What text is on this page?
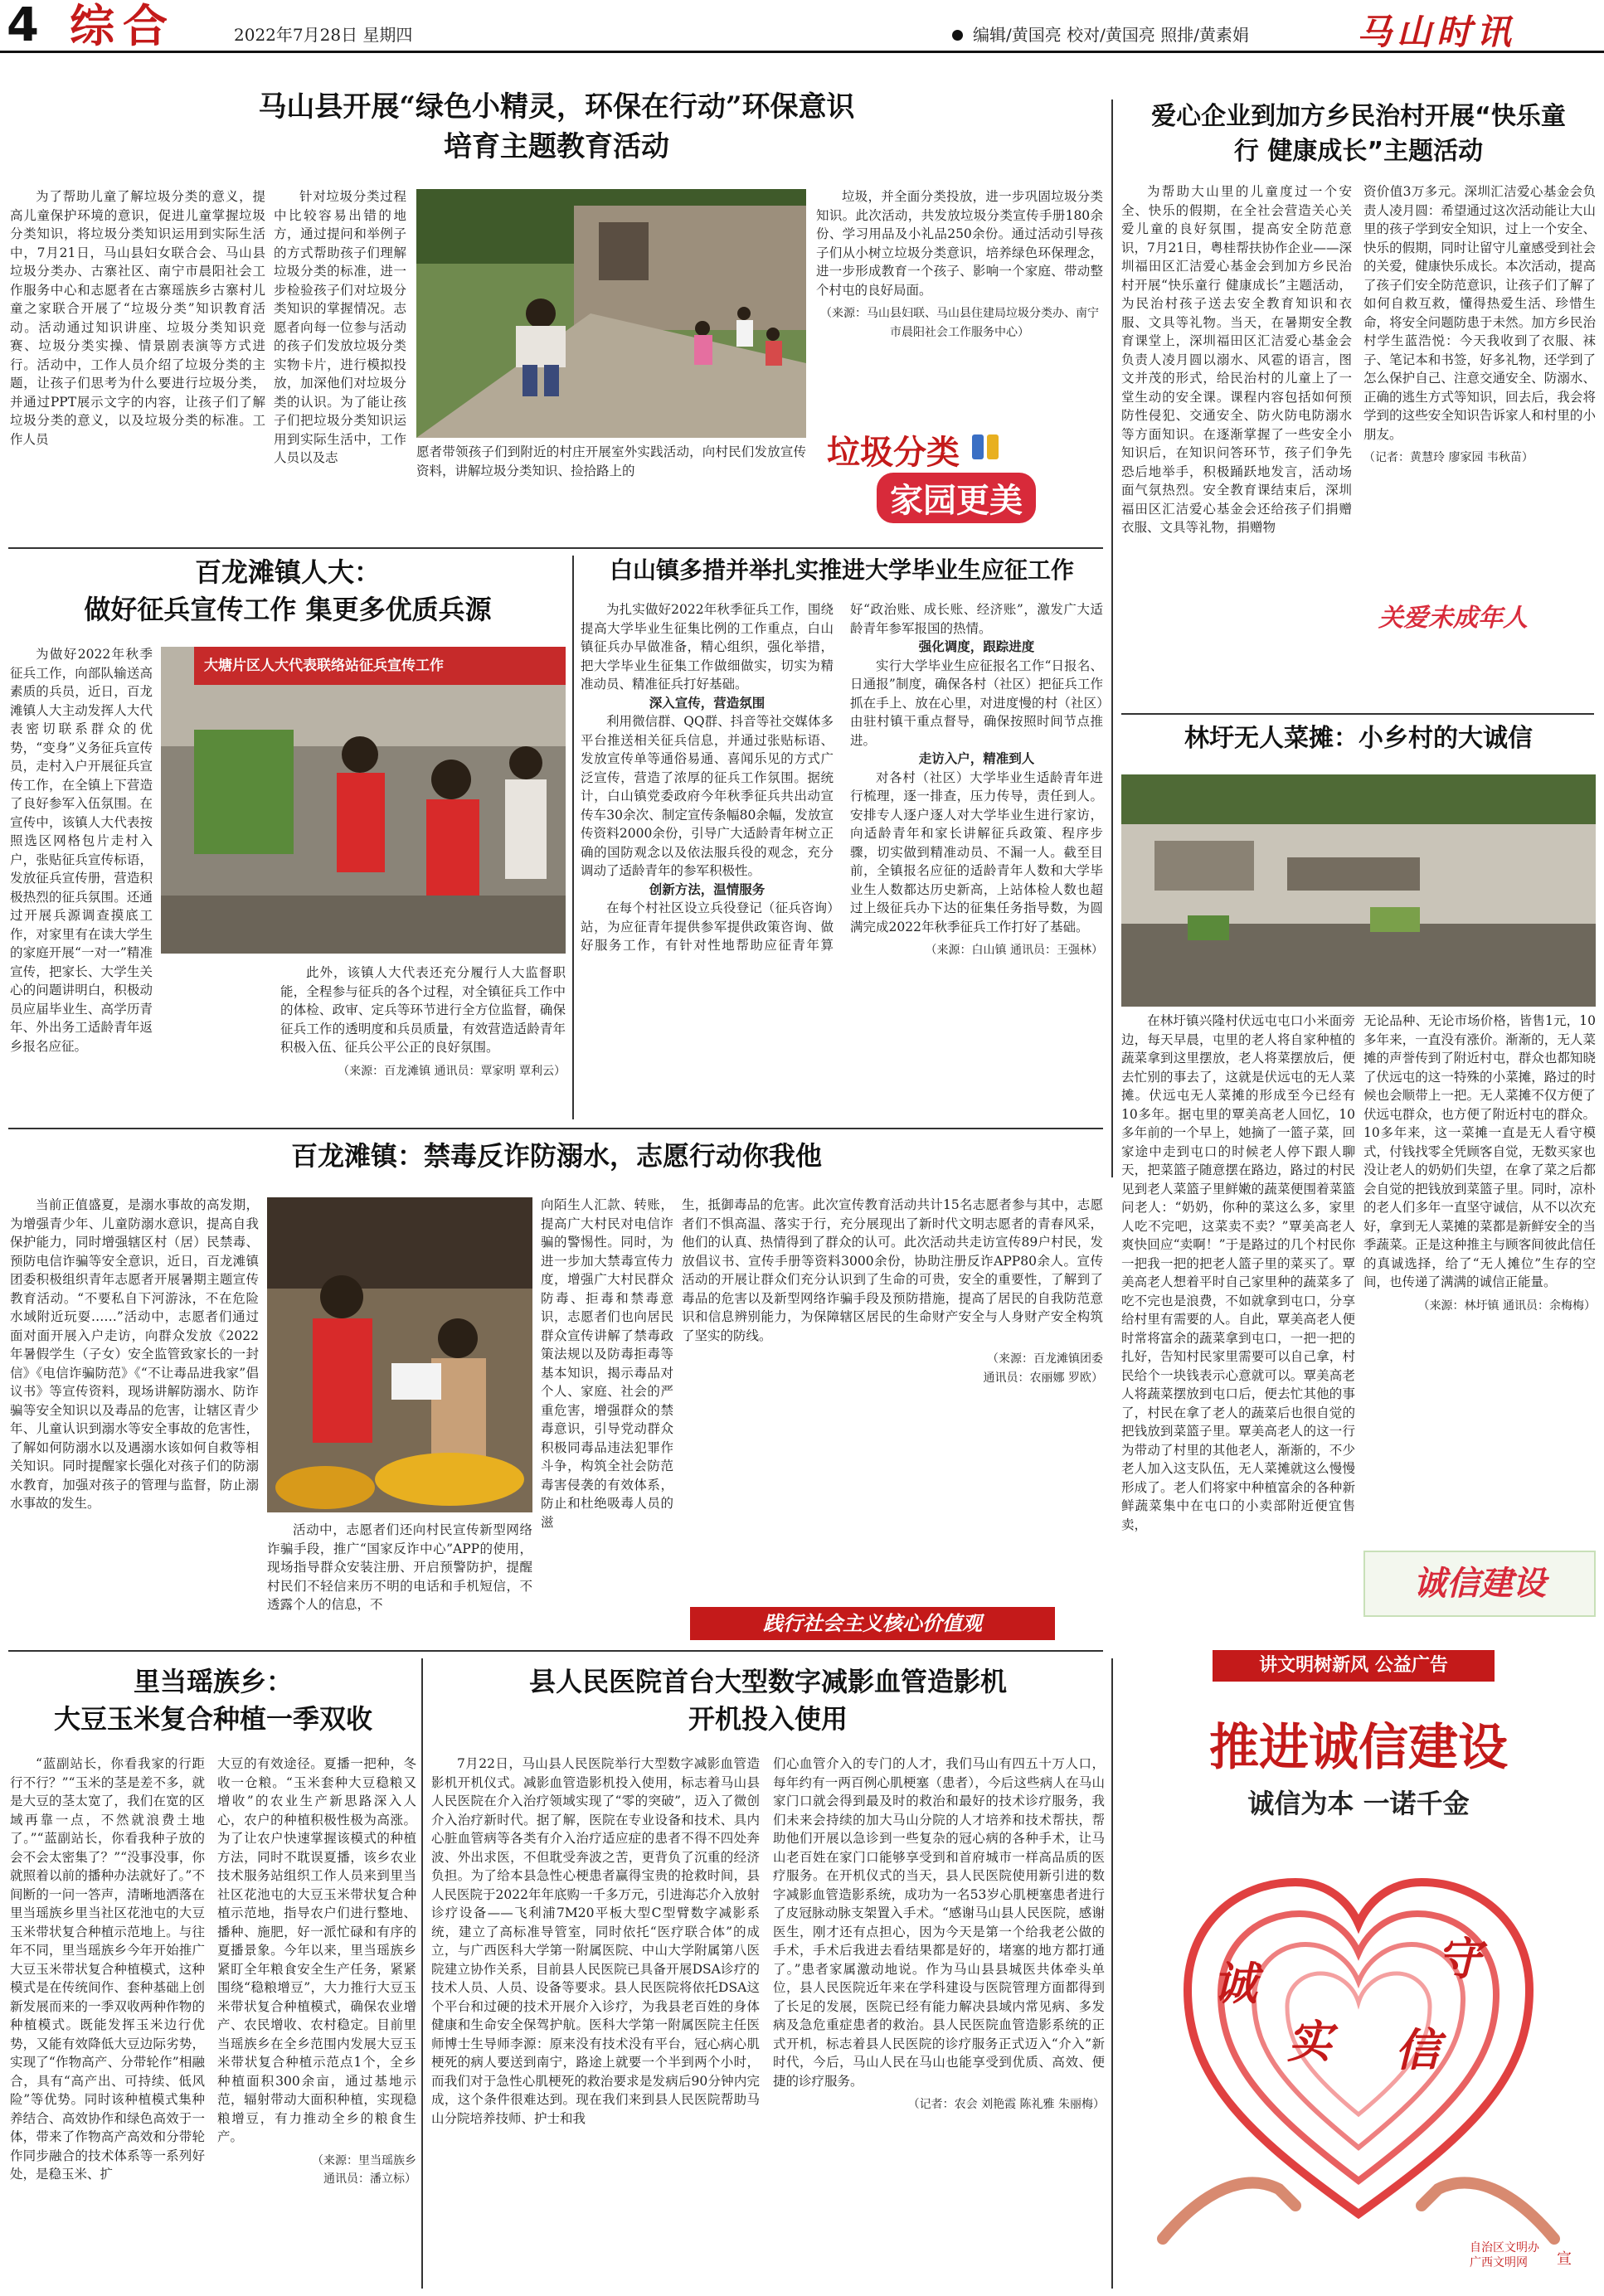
4 综合	2022年7月28日 星期四	编辑/黄国亮 校对/黄国亮 照排/黄素娟	马山时讯
马山县开展“绿色小精灵，环保在行动”环保意识
培育主题教育活动

为了帮助儿童了解垃圾分类的意义，提高儿童保护环境的意识，促进儿童掌握垃圾分类知识，将垃圾分类知识运用到实际生活中，7月21日，马山县妇女联合会、马山县垃圾分类办、古寨社区、南宁市晨阳社会工作服务中心和志愿者在古寨瑶族乡古寨村儿童之家联合开展了“垃圾分类”知识教育活动。活动通过知识讲座、垃圾分类知识竞赛、垃圾分类实操、情景剧表演等方式进行。活动中，工作人员介绍了垃圾分类的主题，让孩子们思考为什么要进行垃圾分类，并通过PPT展示文字的内容，让孩子们了解垃圾分类的意义，以及垃圾分类的标准。工作人员

针对垃圾分类过程中比较容易出错的地方，通过提问和举例子的方式帮助孩子们理解垃圾分类的标准，进一步检验孩子们对垃圾分类知识的掌握情况。志愿者向每一位参与活动的孩子们发放垃圾分类实物卡片，进行模拟投放，加深他们对垃圾分类的认识。为了能让孩子们把垃圾分类知识运用到实际生活中，工作人员以及志	愿者带领孩子们到附近的村庄开展室外实践活动，向村民们发放宣传资料，讲解垃圾分类知识、捡拾路上的

垃圾，并全面分类投放，进一步巩固垃圾分类知识。此次活动，共发放垃圾分类宣传手册180余份、学习用品及小礼品250余份。通过活动引导孩子们从小树立垃圾分类意识，培养绿色环保理念，进一步形成教育一个孩子、影响一个家庭、带动整个村屯的良好局面。

（来源：马山县妇联、马山县住建局垃圾分类办、南宁市晨阳社会工作服务中心）

垃圾分类
家园更美
爱心企业到加方乡民治村开展“快乐童
行 健康成长”主题活动

为帮助大山里的儿童度过一个安全、快乐的假期，在全社会营造关心关爱儿童的良好氛围，提高安全防范意识，7月21日，粤桂帮扶协作企业——深圳福田区汇洁爱心基金会到加方乡民治村开展“快乐童行 健康成长”主题活动，为民治村孩子送去安全教育知识和衣服、文具等礼物。当天，在暑期安全教育课堂上，深圳福田区汇洁爱心基金会负责人凌月圆以溺水、风雹的语言，图文并茂的形式，给民治村的儿童上了一堂生动的安全课。课程内容包括如何预防性侵犯、交通安全、防火防电防溺水等方面知识。在逐渐掌握了一些安全小知识后，在知识问答环节，孩子们争先恐后地举手，积极踊跃地发言，活动场面气氛热烈。安全教育课结束后，深圳福田区汇洁爱心基金会还给孩子们捐赠衣服、文具等礼物，捐赠物

资价值3万多元。深圳汇洁爱心基金会负责人凌月圆：希望通过这次活动能让大山里的孩子学到安全知识，过上一个安全、快乐的假期，同时让留守儿童感受到社会的关爱，健康快乐成长。本次活动，提高了孩子们安全防范意识，让孩子们了解了如何自救互救，懂得热爱生活、珍惜生命，将安全问题防患于未然。加方乡民治村学生蓝浩悦：今天我收到了衣服、袜子、笔记本和书签，好多礼物，还学到了怎么保护自己、注意交通安全、防溺水、正确的逃生方式等知识，回去后，我会将学到的这些安全知识告诉家人和村里的小朋友。

（记者：黄慧玲 廖家园 韦秋苗）

关爱未成年人
百龙滩镇人大：
做好征兵宣传工作 集更多优质兵源

为做好2022年秋季征兵工作，向部队输送高素质的兵员，近日，百龙滩镇人大主动发挥人大代表密切联系群众的优势，“变身”义务征兵宣传员，走村入户开展征兵宣传工作，在全镇上下营造了良好参军入伍氛围。在宣传中，该镇人大代表按照选区网格包片走村入户，张贴征兵宣传标语，发放征兵宣传册，营造积极热烈的征兵氛围。还通过开展兵源调查摸底工作，对家里有在读大学生的家庭开展“一对一”精准宣传，把家长、大学生关心的问题讲明白，积极动员应届毕业生、高学历青年、外出务工适龄青年返乡报名应征。

大塘片区人大代表联络站征兵宣传工作

此外，该镇人大代表还充分履行人大监督职能，全程参与征兵的各个过程，对全镇征兵工作中的体检、政审、定兵等环节进行全方位监督，确保征兵工作的透明度和兵员质量，有效营造适龄青年积极入伍、征兵公平公正的良好氛围。

（来源：百龙滩镇 通讯员：覃家明 覃利云）

白山镇多措并举扎实推进大学毕业生应征工作

为扎实做好2022年秋季征兵工作，围绕提高大学毕业生征集比例的工作重点，白山镇征兵办早做准备，精心组织，强化举措，把大学毕业生征集工作做细做实，切实为精准动员、精准征兵打好基础。

深入宣传，营造氛围

利用微信群、QQ群、抖音等社交媒体多平台推送相关征兵信息，并通过张贴标语、发放宣传单等通俗易通、喜闻乐见的方式广泛宣传，营造了浓厚的征兵工作氛围。据统计，白山镇党委政府今年秋季征兵共出动宣传车30余次、制定宣传条幅80余幅，发放宣传资料2000余份，引导广大适龄青年树立正确的国防观念以及依法服兵役的观念，充分调动了适龄青年的参军积极性。

创新方法，温情服务

在每个村社区设立兵役登记（征兵咨询）站，为应征青年提供参军提供政策咨询、做好服务工作，有针对性地帮助应征青年算好“政治账、成长账、经济账”，激发广大适龄青年参军报国的热情。

强化调度，跟踪进度

实行大学毕业生应征报名工作“日报名、日通报”制度，确保各村（社区）把征兵工作抓在手上、放在心里，对进度慢的村（社区）由驻村镇干重点督导，确保按照时间节点推进。

走访入户，精准到人

对各村（社区）大学毕业生适龄青年进行梳理，逐一排查，压力传导，责任到人。安排专人逐户逐人对大学毕业生进行家访，向适龄青年和家长讲解征兵政策、程序步骤，切实做到精准动员、不漏一人。截至目前，全镇报名应征的适龄青年人数和大学毕业生人数都达历史新高，上站体检人数也超过上级征兵办下达的征集任务指导数，为圆满完成2022年秋季征兵工作打好了基础。

（来源：白山镇 通讯员：王强林）

林圩无人菜摊：小乡村的大诚信

在林圩镇兴隆村伏远屯屯口小米面旁边，每天早晨，屯里的老人将自家种植的蔬菜拿到这里摆放，老人将菜摆放后，便去忙别的事去了，这就是伏远屯的无人菜摊。伏远屯无人菜摊的形成至今已经有10多年。据屯里的覃美高老人回忆，10多年前的一个早上，她摘了一篮子菜，回家途中走到屯口的时候老人停下跟人聊天，把菜篮子随意摆在路边，路过的村民见到老人菜篮子里鲜嫩的蔬菜便围着菜篮问老人：“奶奶，你种的菜这么多，家里人吃不完吧，这菜卖不卖？”覃美高老人爽快回应“卖啊！”于是路过的几个村民你一把我一把的把老人篮子里的菜买了。覃美高老人想着平时自己家里种的蔬菜多了吃不完也是浪费，不如就拿到屯口，分享给村里有需要的人。自此，覃美高老人便时常将富余的蔬菜拿到屯口，一把一把的扎好，告知村民家里需要可以自己拿，村民给个一块钱表示心意就可以。覃美高老人将蔬菜摆放到屯口后，便去忙其他的事了，村民在拿了老人的蔬菜后也很自觉的把钱放到菜篮子里。覃美高老人的这一行为带动了村里的其他老人，渐渐的，不少老人加入这支队伍，无人菜摊就这么慢慢形成了。老人们将家中种植富余的各种新鲜蔬菜集中在屯口的小卖部附近便宜售卖，

无论品种、无论市场价格，皆售1元，10多年来，一直没有涨价。渐渐的，无人菜摊的声誉传到了附近村屯，群众也都知晓了伏远屯的这一特殊的小菜摊，路过的时候也会顺带上一把。无人菜摊不仅方便了伏远屯群众，也方便了附近村屯的群众。10多年来，这一菜摊一直是无人看守模式，付钱找零全凭顾客自觉，无数买家也没让老人的奶奶们失望，在拿了菜之后都会自觉的把钱放到菜篮子里。同时，凉朴的老人们多年一直坚守诚信，从不以次充好，拿到无人菜摊的菜都是新鲜安全的当季蔬菜。正是这种推主与顾客间彼此信任的真诚选择，给了“无人摊位”生存的空间，也传递了满满的诚信正能量。

（来源：林圩镇 通讯员：余梅梅）

诚信建设
百龙滩镇：禁毒反诈防溺水，志愿行动你我他

当前正值盛夏，是溺水事故的高发期，为增强青少年、儿童防溺水意识，提高自我保护能力，同时增强辖区村（居）民禁毒、预防电信诈骗等安全意识，近日，百龙滩镇团委积极组织青年志愿者开展暑期主题宣传教育活动。“不要私自下河游泳，不在危险水域附近玩耍……”活动中，志愿者们通过面对面开展入户走访，向群众发放《2022年暑假学生（子女）安全监管致家长的一封信》《电信诈骗防范》《“不让毒品进我家”倡议书》等宣传资料，现场讲解防溺水、防诈骗等安全知识以及毒品的危害，让辖区青少年、儿童认识到溺水等安全事故的危害性，了解如何防溺水以及遇溺水该如何自救等相关知识。同时提醒家长强化对孩子们的防溺水教育，加强对孩子的管理与监督，防止溺水事故的发生。

活动中，志愿者们还向村民宣传新型网络诈骗手段，推广“国家反诈中心”APP的使用，现场指导群众安装注册、开启预警防护，提醒村民们不轻信来历不明的电话和手机短信，不透露个人的信息，不

向陌生人汇款、转账，提高广大村民对电信诈骗的警惕性。同时，为进一步加大禁毒宣传力度，增强广大村民群众防毒、拒毒和禁毒意识，志愿者们也向居民群众宣传讲解了禁毒政策法规以及防毒拒毒等基本知识，揭示毒品对个人、家庭、社会的严重危害，增强群众的禁毒意识，引导党动群众积极同毒品违法犯罪作斗争，构筑全社会防范毒害侵袭的有效体系，防止和杜绝吸毒人员的滋

生，抵御毒品的危害。此次宣传教育活动共计15名志愿者参与其中，志愿者们不惧高温、落实于行，充分展现出了新时代文明志愿者的青春风采，他们的认真、热情得到了群众的认可。此次活动共走访宣传89户村民，发放倡议书、宣传手册等资料3000余份，协助注册反诈APP80余人。宣传活动的开展让群众们充分认识到了生命的可贵，安全的重要性，了解到了毒品的危害以及新型网络诈骗手段及预防措施，提高了居民的自我防范意识和信息辨别能力，为保障辖区居民的生命财产安全与人身财产安全构筑了坚实的防线。

（来源：百龙滩镇团委

通讯员：农丽娜 罗欧）

践行社会主义核心价值观
里当瑶族乡：
大豆玉米复合种植一季双收

“蓝副站长，你看我家的行距行不行？”“玉米的茎是差不多，就是大豆的茎太宽了，我们在宽的区域再靠一点，不然就浪费土地了。”“蓝副站长，你看我种子放的会不会太密集了？”“没事没事，你就照着以前的播种办法就好了。”不间断的一问一答声，清晰地洒落在里当瑶族乡里当社区花池屯的大豆玉米带状复合种植示范地上。与往年不同，里当瑶族乡今年开始推广大豆玉米带状复合种植模式，这种模式是在传统间作、套种基础上创新发展而来的一季双收两种作物的种植模式。既能发挥玉米边行优势，又能有效降低大豆边际劣势，实现了“作物高产、分带轮作”相融合，具有“高产出、可持续、低风险”等优势。同时该种植模式集种养结合、高效协作和绿色高效于一体，带来了作物高产高效和分带轮作同步融合的技术体系等一系列好处，是稳玉米、扩

大豆的有效途径。夏播一把种，冬收一仓粮。“玉米套种大豆稳粮又增收”的农业生产新思路深入人心，农户的种植积极性极为高涨。为了让农户快速掌握该模式的种植方法，同时不耽误夏播，该乡农业技术服务站组织工作人员来到里当社区花池屯的大豆玉米带状复合种植示范地，指导农户们进行整地、播种、施肥，好一派忙碌和有序的夏播景象。今年以来，里当瑶族乡紧盯全年粮食安全生产任务，紧紧围绕“稳粮增豆”，大力推行大豆玉米带状复合种植模式，确保农业增产、农民增收、农村稳定。目前里当瑶族乡在全乡范围内发展大豆玉米带状复合种植示范点1个，全乡种植面积300余亩，通过基地示范，辐射带动大面积种植，实现稳粮增豆，有力推动全乡的粮食生产。

（来源：里当瑶族乡

通讯员：潘立标）

县人民医院首台大型数字减影血管造影机
开机投入使用

7月22日，马山县人民医院举行大型数字减影血管造影机开机仪式。减影血管造影机投入使用，标志着马山县人民医院在介入治疗领域实现了“零的突破”，迈入了微创介入治疗新时代。据了解，医院在专业设备和技术、具内心脏血管病等各类有介入治疗适应症的患者不得不四处奔波、外出求医，不但耽受奔波之苦，更背负了沉重的经济负担。为了给本县急性心梗患者赢得宝贵的抢救时间，县人民医院于2022年年底购一千多万元，引进海芯介入放射诊疗设备——飞利浦7M20平板大型C型臂数字减影系统，建立了高标准导管室，同时依托“医疗联合体”的成立，与广西医科大学第一附属医院、中山大学附属第八医院建立协作关系，目前县人民医院已具备开展DSA诊疗的技术人员、人员、设备等要求。县人民医院将依托DSA这个平台和过硬的技术开展介入诊疗，为我县老百姓的身体健康和生命安全保驾护航。医科大学第一附属医院主任医师博士生导师李源：原来没有技术没有平台，冠心病心肌梗死的病人要送到南宁，路途上就要一个半到两个小时，而我们对于急性心肌梗死的救治要求是发病后90分钟内完成，这个条件很难达到。现在我们来到县人民医院帮助马山分院培养技师、护士和我

们心血管介入的专门的人才，我们马山有四五十万人口，每年约有一两百例心肌梗塞（患者），今后这些病人在马山家门口就会得到最及时的救治和最好的技术诊疗服务，我们未来会持续的加大马山分院的人才培养和技术帮扶，帮助他们开展以急诊到一些复杂的冠心病的各种手术，让马山老百姓在家门口能够享受到和首府城市一样高品质的医疗服务。在开机仪式的当天，县人民医院使用新引进的数字减影血管造影系统，成功为一名53岁心肌梗塞患者进行了皮冠脉动脉支架置入手术。“感谢马山县人民医院，感谢医生，刚才还有点担心，因为今天是第一个给我老公做的手术，手术后我进去看结果都是好的，堵塞的地方都打通了。”患者家属激动地说。作为马山县县城医共体牵头单位，县人民医院近年来在学科建设与医院管理方面都得到了长足的发展，医院已经有能力解决县域内常见病、多发病及急危重症患者的救治。县人民医院血管造影系统的正式开机，标志着县人民医院的诊疗服务正式迈入“介入”新时代，今后，马山人民在马山也能享受到优质、高效、便捷的诊疗服务。

（记者：农会 刘艳霞 陈礼雅 朱丽梅）

讲文明树新风 公益广告
推进诚信建设
诚信为本 一诺千金
诚	守
实 信
自治区文明办
广西文明网	宣
